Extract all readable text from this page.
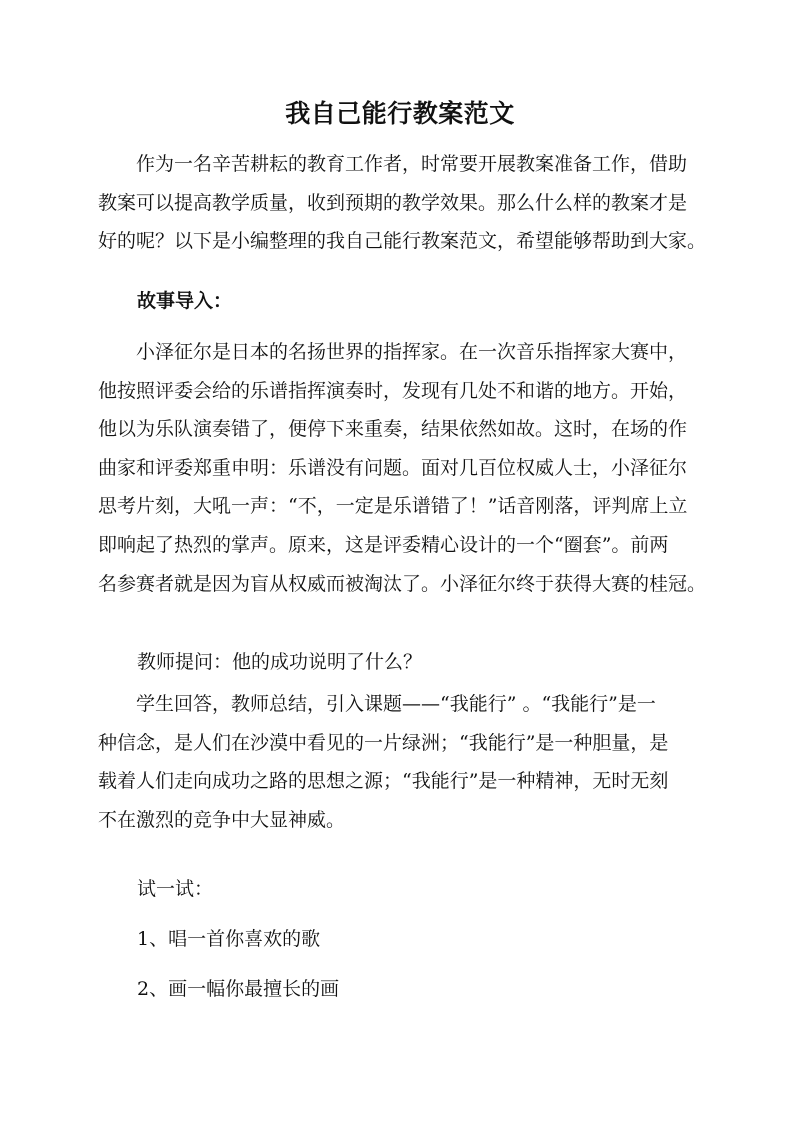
我自己能行教案范文
作为一名辛苦耕耘的教育工作者，时常要开展教案准备工作，借助
教案可以提高教学质量，收到预期的教学效果。那么什么样的教案才是
好的呢？以下是小编整理的我自己能行教案范文，希望能够帮助到大家。
故事导入：
小泽征尔是日本的名扬世界的指挥家。在一次音乐指挥家大赛中，
他按照评委会给的乐谱指挥演奏时，发现有几处不和谐的地方。开始，
他以为乐队演奏错了，便停下来重奏，结果依然如故。这时，在场的作
曲家和评委郑重申明：乐谱没有问题。面对几百位权威人士，小泽征尔
思考片刻，大吼一声：“不，一定是乐谱错了！”话音刚落，评判席上立
即响起了热烈的掌声。原来，这是评委精心设计的一个“圈套”。前两
名参赛者就是因为盲从权威而被淘汰了。小泽征尔终于获得大赛的桂冠。
教师提问：他的成功说明了什么？
学生回答，教师总结，引入课题——“我能行” 。“我能行”是一
种信念，是人们在沙漠中看见的一片绿洲；“我能行”是一种胆量，是
载着人们走向成功之路的思想之源；“我能行”是一种精神，无时无刻
不在激烈的竞争中大显神威。
试一试：
1、唱一首你喜欢的歌
2、画一幅你最擅长的画
